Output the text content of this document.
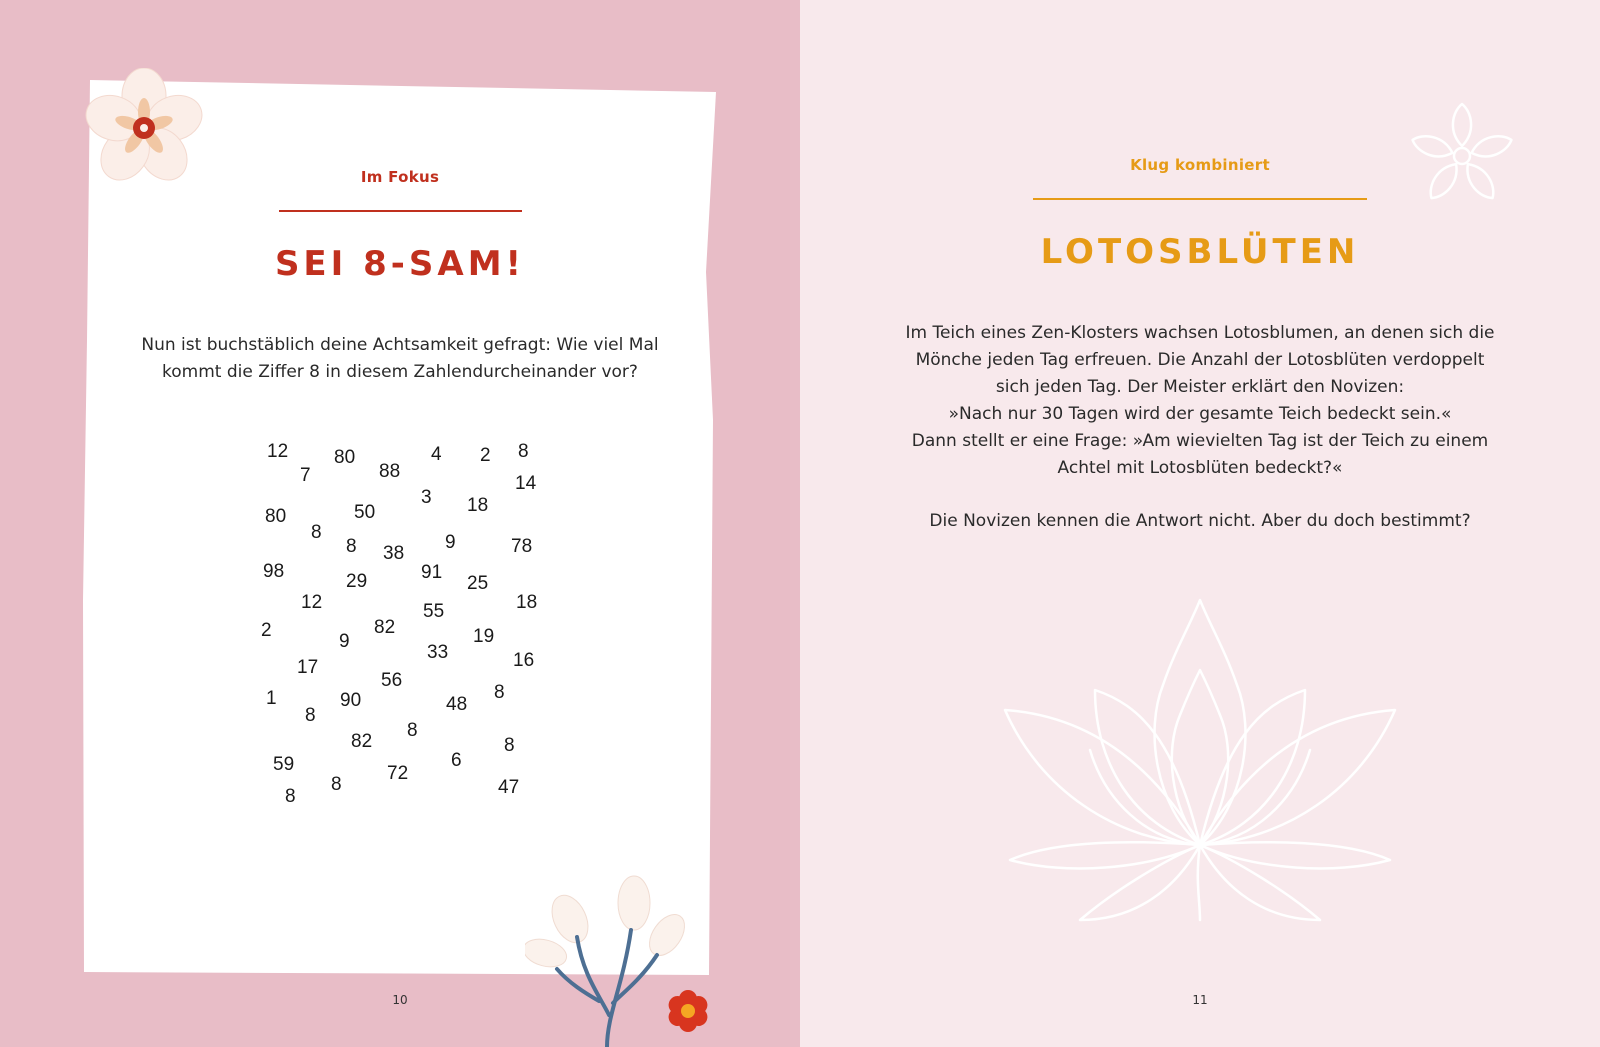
Im Fokus
SEI 8-SAM!
Nun ist buchstäblich deine Achtsamkeit gefragt: Wie viel Mal kommt die Ziffer 8 in diesem Zahlendurcheinander vor?
12 80	4 2 8
7	88
14
3 18
80	50
8	9	78
8 38
98	91
25
29
12	18
55
2	82	19
9
33	16
17
56
1	8
90	48
8
8
82	8
6
59	72
8	47
8
10
Klug kombiniert
LOTOSBLÜTEN

Im Teich eines Zen-Klosters wachsen Lotosblumen, an denen sich die

Mönche jeden Tag erfreuen. Die Anzahl der Lotosblüten verdoppelt

sich jeden Tag. Der Meister erklärt den Novizen:

»Nach nur 30 Tagen wird der gesamte Teich bedeckt sein.«

Dann stellt er eine Frage: »Am wievielten Tag ist der Teich zu einem

Achtel mit Lotosblüten bedeckt?«

Die Novizen kennen die Antwort nicht. Aber du doch bestimmt?

11
